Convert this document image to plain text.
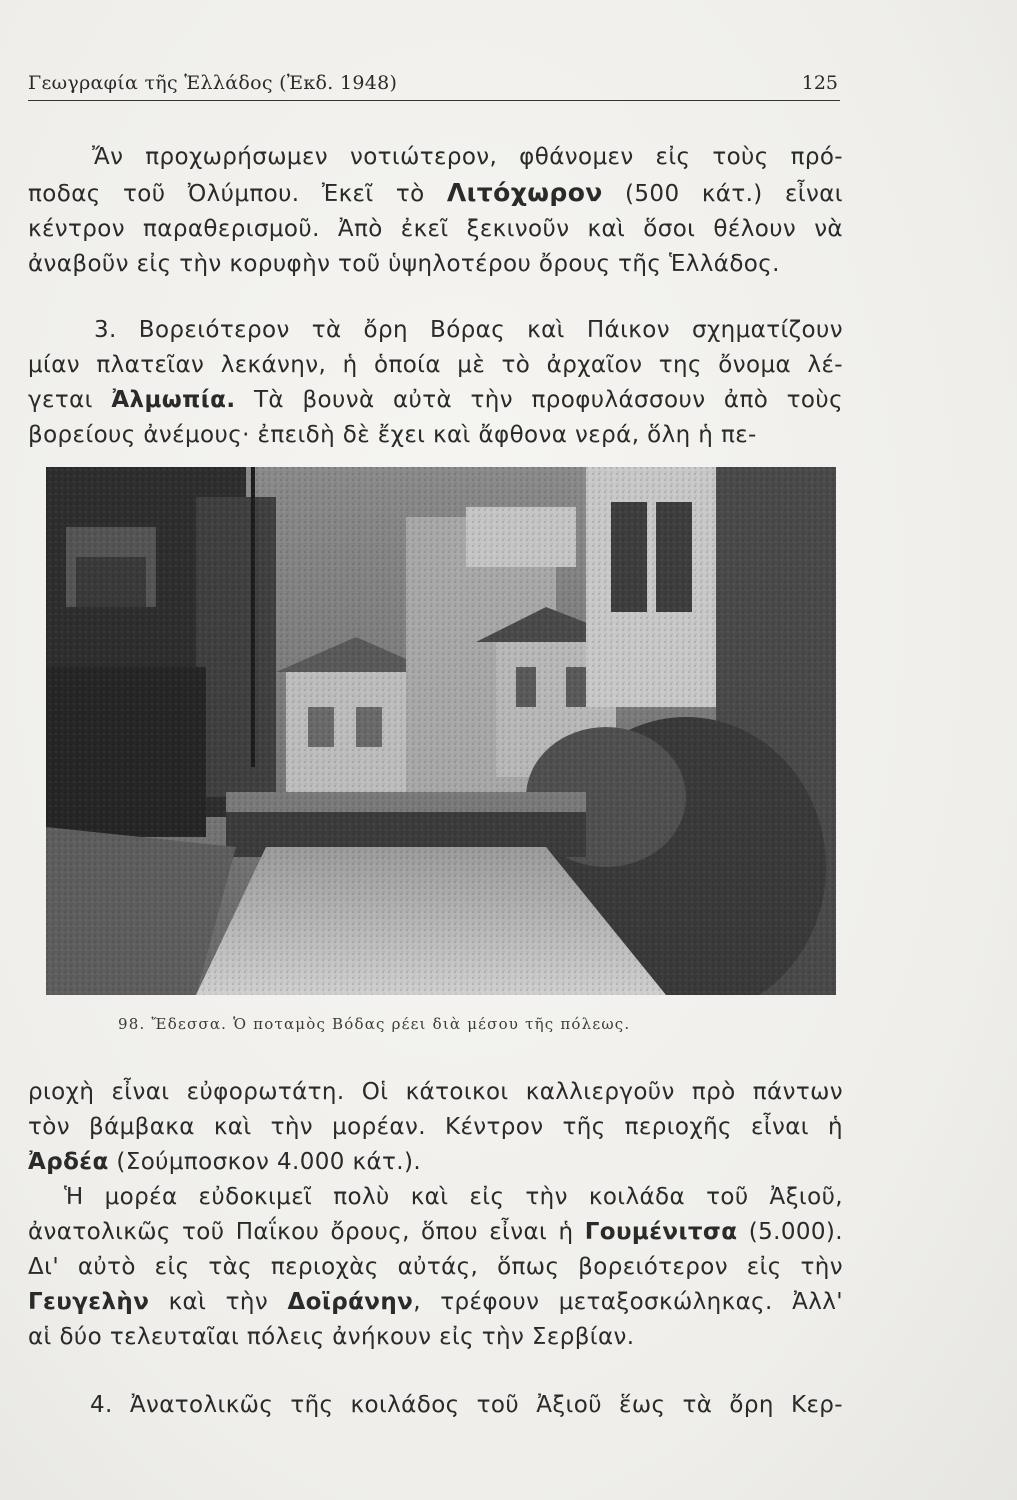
Γεωγραφία τῆς Ἑλλάδος (Ἐκδ. 1948)	125
Ἄν προχωρήσωμεν νοτιώτερον, φθάνομεν εἰς τοὺς πρό-
ποδας τοῦ Ὀλύμπου. Ἐκεῖ τὸ Λιτόχωρον (500 κάτ.) εἶναι
κέντρον παραθερισμοῦ. Ἀπὸ ἐκεῖ ξεκινοῦν καὶ ὅσοι θέλουν νὰ
ἀναβοῦν εἰς τὴν κορυφὴν τοῦ ὑψηλοτέρου ὄρους τῆς Ἑλλάδος.
3. Βορειότερον τὰ ὄρη Βόρας καὶ Πάικον σχηματίζουν
μίαν πλατεῖαν λεκάνην, ἡ ὁποία μὲ τὸ ἀρχαῖον της ὄνομα λέ-
γεται Ἀλμωπία. Τὰ βουνὰ αὐτὰ τὴν προφυλάσσουν ἀπὸ τοὺς
βορείους ἀνέμους· ἐπειδὴ δὲ ἔχει καὶ ἄφθονα νερά, ὅλη ἡ πε-
98. Ἔδεσσα. Ὁ ποταμὸς Βόδας ρέει διὰ μέσου τῆς πόλεως.
ριοχὴ εἶναι εὐφορωτάτη. Οἱ κάτοικοι καλλιεργοῦν πρὸ πάντων
τὸν βάμβακα καὶ τὴν μορέαν. Κέντρον τῆς περιοχῆς εἶναι ἡ
Ἀρδέα (Σούμποσκον 4.000 κάτ.).
Ἡ μορέα εὐδοκιμεῖ πολὺ καὶ εἰς τὴν κοιλάδα τοῦ Ἀξιοῦ,
ἀνατολικῶς τοῦ Παΐκου ὄρους, ὅπου εἶναι ἡ Γουμένιτσα (5.000).
Δι' αὐτὸ εἰς τὰς περιοχὰς αὐτάς, ὅπως βορειότερον εἰς τὴν
Γευγελὴν καὶ τὴν Δοϊράνην, τρέφουν μεταξοσκώληκας. Ἀλλ'
αἱ δύο τελευταῖαι πόλεις ἀνήκουν εἰς τὴν Σερβίαν.
4. Ἀνατολικῶς τῆς κοιλάδος τοῦ Ἀξιοῦ ἕως τὰ ὄρη Κερ-
